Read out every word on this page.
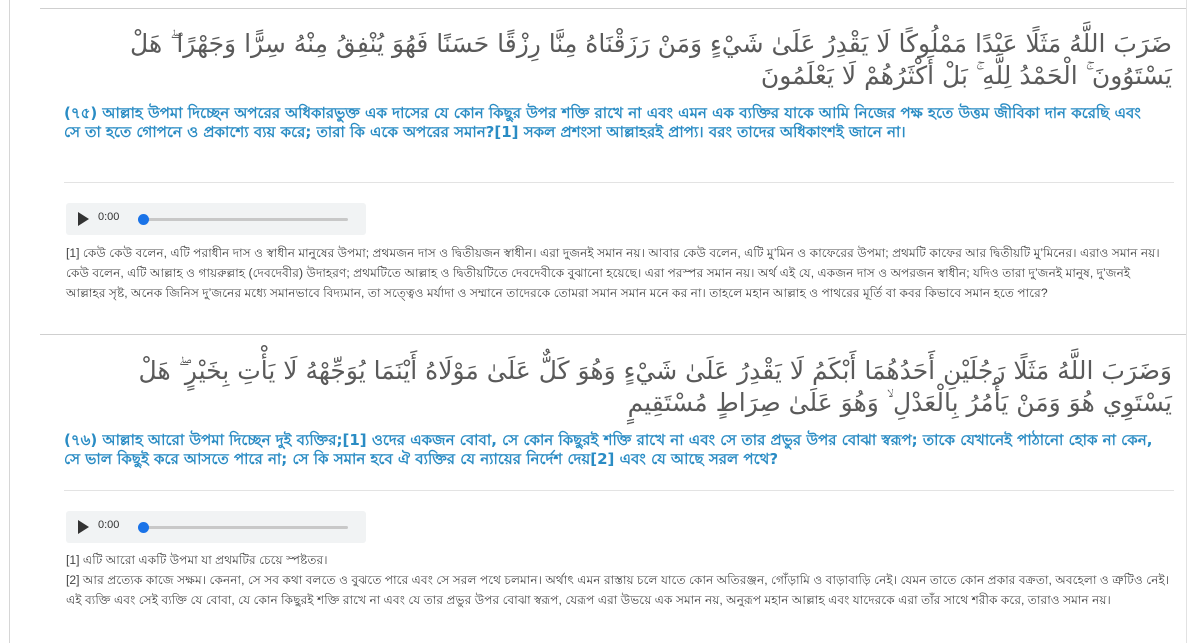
ضَرَبَ اللَّهُ مَثَلًا عَبْدًا مَمْلُوكًا لَا يَقْدِرُ عَلَىٰ شَيْءٍ وَمَنْ رَزَقْنَاهُ مِنَّا رِزْقًا حَسَنًا فَهُوَ يُنْفِقُ مِنْهُ سِرًّا وَجَهْرًا ۖ هَلْ يَسْتَوُونَ ۚ الْحَمْدُ لِلَّهِ ۚ بَلْ أَكْثَرُهُمْ لَا يَعْلَمُونَ
(৭৫) আল্লাহ উপমা দিচ্ছেন অপরের অধিকারভুক্ত এক দাসের যে কোন কিছুর উপর শক্তি রাখে না এবং এমন এক ব্যক্তির যাকে আমি নিজের পক্ষ হতে উত্তম জীবিকা দান করেছি এবং সে তা হতে গোপনে ও প্রকাশ্যে ব্যয় করে; তারা কি একে অপরের সমান?[1] সকল প্রশংসা আল্লাহরই প্রাপ্য। বরং তাদের অধিকাংশই জানে না।
0:00

[1] কেউ কেউ বলেন, এটি পরাধীন দাস ও স্বাধীন মানুষের উপমা; প্রথমজন দাস ও দ্বিতীয়জন স্বাধীন। এরা দুজনই সমান নয়। আবার কেউ বলেন, এটি মু’মিন ও কাফেরের উপমা; প্রথমটি কাফের আর দ্বিতীয়টি মু’মিনের। এরাও সমান নয়। কেউ বলেন, এটি আল্লাহ ও গায়রুল্লাহ (দেবদেবীর) উদাহরণ; প্রথমটিতে আল্লাহ ও দ্বিতীয়টিতে দেবদেবীকে বুঝানো হয়েছে। এরা পরস্পর সমান নয়। অর্থ এই যে, একজন দাস ও অপরজন স্বাধীন; যদিও তারা দু’জনই মানুষ, দু’জনই আল্লাহর সৃষ্ট, অনেক জিনিস দু’জনের মধ্যে সমানভাবে বিদ্যমান, তা সত্ত্বেও মর্যাদা ও সম্মানে তাদেরকে তোমরা সমান সমান মনে কর না। তাহলে মহান আল্লাহ ও পাথরের মূর্তি বা কবর কিভাবে সমান হতে পারে?

وَضَرَبَ اللَّهُ مَثَلًا رَجُلَيْنِ أَحَدُهُمَا أَبْكَمُ لَا يَقْدِرُ عَلَىٰ شَيْءٍ وَهُوَ كَلٌّ عَلَىٰ مَوْلَاهُ أَيْنَمَا يُوَجِّهْهُ لَا يَأْتِ بِخَيْرٍ ۖ هَلْ يَسْتَوِي هُوَ وَمَنْ يَأْمُرُ بِالْعَدْلِ ۙ وَهُوَ عَلَىٰ صِرَاطٍ مُسْتَقِيمٍ
(৭৬) আল্লাহ আরো উপমা দিচ্ছেন দুই ব্যক্তির;[1] ওদের একজন বোবা, সে কোন কিছুরই শক্তি রাখে না এবং সে তার প্রভুর উপর বোঝা স্বরূপ; তাকে যেখানেই পাঠানো হোক না কেন, সে ভাল কিছুই করে আসতে পারে না; সে কি সমান হবে ঐ ব্যক্তির যে ন্যায়ের নির্দেশ দেয়[2] এবং যে আছে সরল পথে?
0:00

[1] এটি আরো একটি উপমা যা প্রথমটির চেয়ে স্পষ্টতর।

[2] আর প্রত্যেক কাজে সক্ষম। কেননা, সে সব কথা বলতে ও বুঝতে পারে এবং সে সরল পথে চলমান। অর্থাৎ এমন রাস্তায় চলে যাতে কোন অতিরঞ্জন, গোঁড়ামি ও বাড়াবাড়ি নেই। যেমন তাতে কোন প্রকার বক্রতা, অবহেলা ও ত্রুটিও নেই। এই ব্যক্তি এবং সেই ব্যক্তি যে বোবা, যে কোন কিছুরই শক্তি রাখে না এবং যে তার প্রভুর উপর বোঝা স্বরূপ, যেরূপ এরা উভয়ে এক সমান নয়, অনুরূপ মহান আল্লাহ এবং যাদেরকে এরা তাঁর সাথে শরীক করে, তারাও সমান নয়।
